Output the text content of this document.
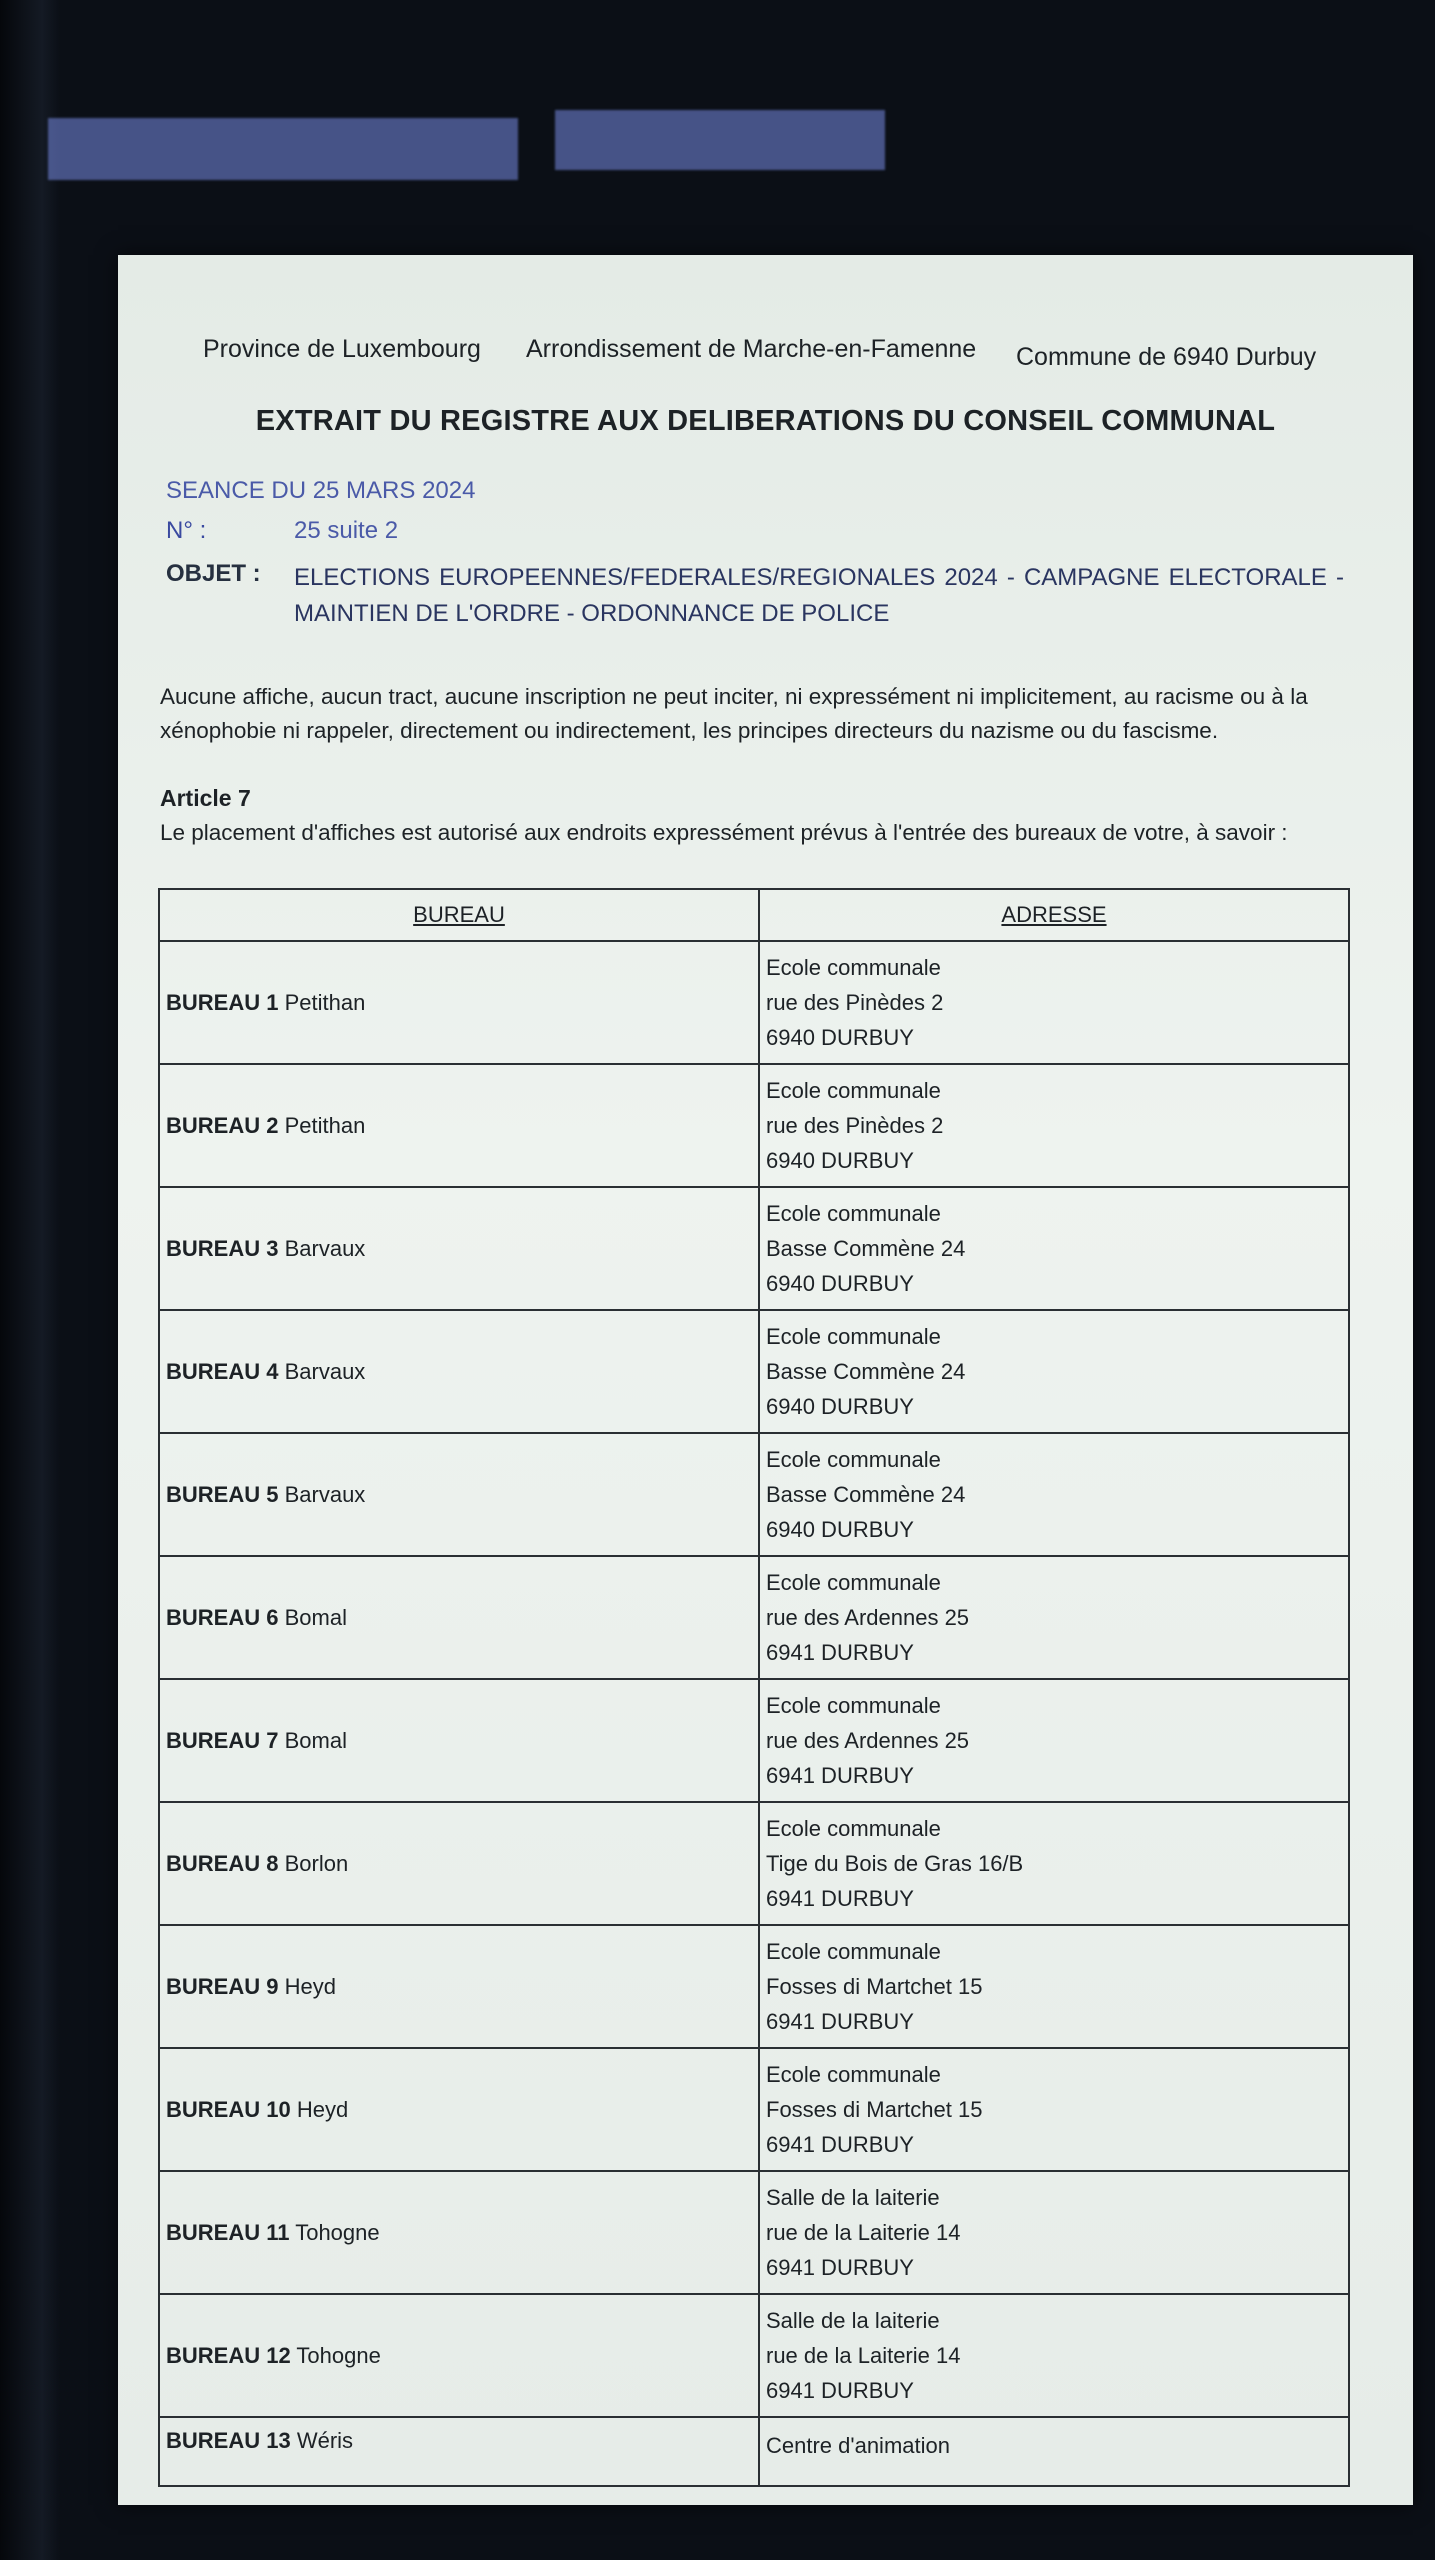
Province de Luxembourg Arrondissement de Marche-en-Famenne Commune de 6940 Durbuy
EXTRAIT DU REGISTRE AUX DELIBERATIONS DU CONSEIL COMMUNAL
SEANCE DU 25 MARS 2024
N° :	25 suite 2
OBJET : ELECTIONS EUROPEENNES/FEDERALES/REGIONALES 2024 - CAMPAGNE ELECTORALE - MAINTIEN DE L'ORDRE - ORDONNANCE DE POLICE
Aucune affiche, aucun tract, aucune inscription ne peut inciter, ni expressément ni implicitement, au racisme ou à la xénophobie ni rappeler, directement ou indirectement, les principes directeurs du nazisme ou du fascisme.
Article 7
Le placement d'affiches est autorisé aux endroits expressément prévus à l'entrée des bureaux de votre, à savoir :
BUREAU	ADRESSE
BUREAU 1 Petithan	Ecole communale
rue des Pinèdes 2
6940 DURBUY

BUREAU 2 Petithan	Ecole communale
rue des Pinèdes 2
6940 DURBUY

BUREAU 3 Barvaux	Ecole communale
Basse Commène 24
6940 DURBUY

BUREAU 4 Barvaux	Ecole communale
Basse Commène 24
6940 DURBUY

BUREAU 5 Barvaux	Ecole communale
Basse Commène 24
6940 DURBUY

BUREAU 6 Bomal	Ecole communale
rue des Ardennes 25
6941 DURBUY

BUREAU 7 Bomal	Ecole communale
rue des Ardennes 25
6941 DURBUY

BUREAU 8 Borlon	Ecole communale
Tige du Bois de Gras 16/B
6941 DURBUY

BUREAU 9 Heyd	Ecole communale
Fosses di Martchet 15
6941 DURBUY

BUREAU 10 Heyd	Ecole communale
Fosses di Martchet 15
6941 DURBUY

BUREAU 11 Tohogne	Salle de la laiterie
rue de la Laiterie 14
6941 DURBUY

BUREAU 12 Tohogne	Salle de la laiterie
rue de la Laiterie 14
6941 DURBUY

BUREAU 13 Wéris	Centre d'animation
